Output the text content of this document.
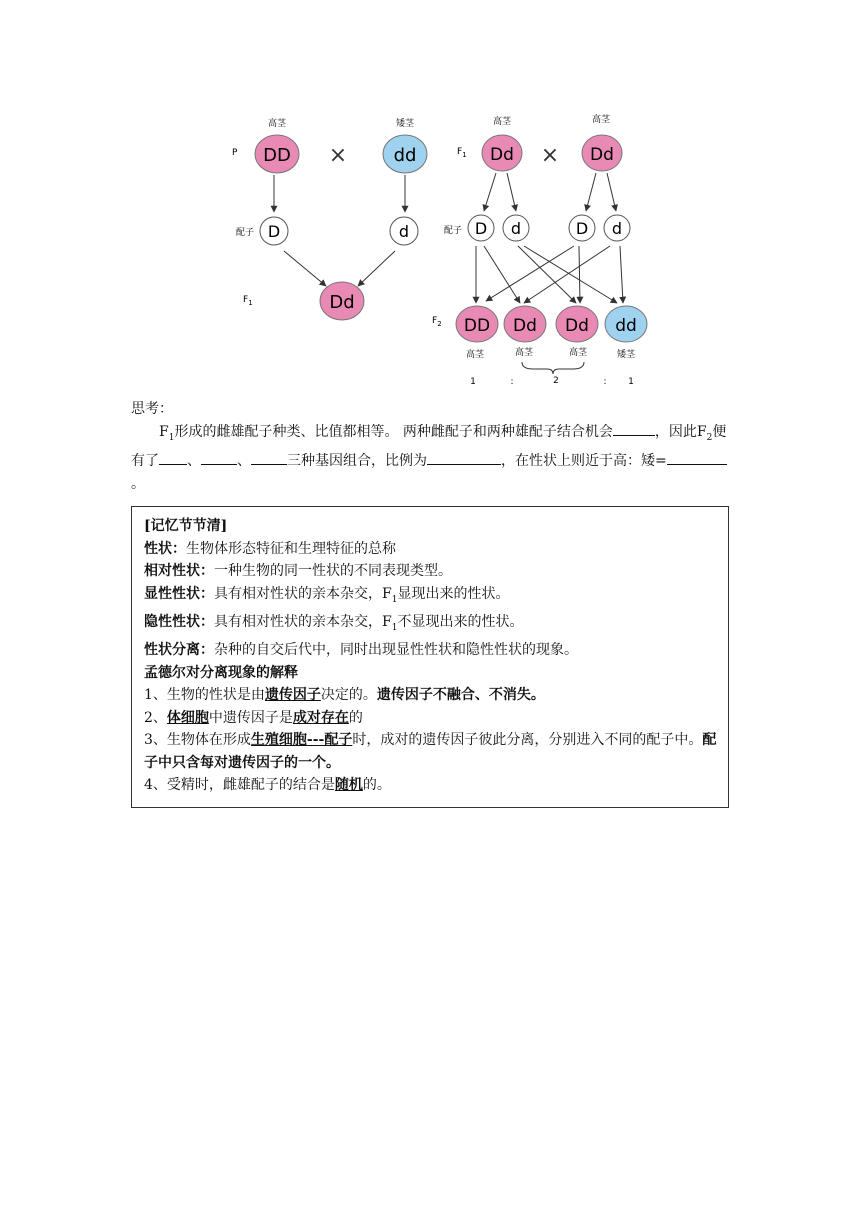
P
高茎	矮茎
DD ×	dd
配子 D	d
$F_1$	Dd
$F_1$
高茎	高茎
Dd × Dd
配子 D d	D d
$F_2$ DD Dd Dd dd
高茎	高茎	高茎	矮茎
1	:	2	: 1

思考：

$F_1$形成的雌雄配子种类、比值都相等。 两种雌配子和两种雄配子结合机会	，因此$F_2$便有了 、	、	三种基因组合，比例为	，在性状上则近于高：矮=。

[记忆节节清]

性状：生物体形态特征和生理特征的总称

相对性状：一种生物的同一性状的不同表现类型。

显性性状：具有相对性状的亲本杂交，$F_1$显现出来的性状。

隐性性状：具有相对性状的亲本杂交，$F_1$不显现出来的性状。

性状分离：杂种的自交后代中，同时出现显性性状和隐性性状的现象。

孟德尔对分离现象的解释

1、生物的性状是由遗传因子决定的。遗传因子不融合、不消失。

2、体细胞中遗传因子是成对存在的

3、生物体在形成生殖细胞---配子时，成对的遗传因子彼此分离，分别进入不同的配子中。配子中只含每对遗传因子的一个。

4、受精时，雌雄配子的结合是随机的。
